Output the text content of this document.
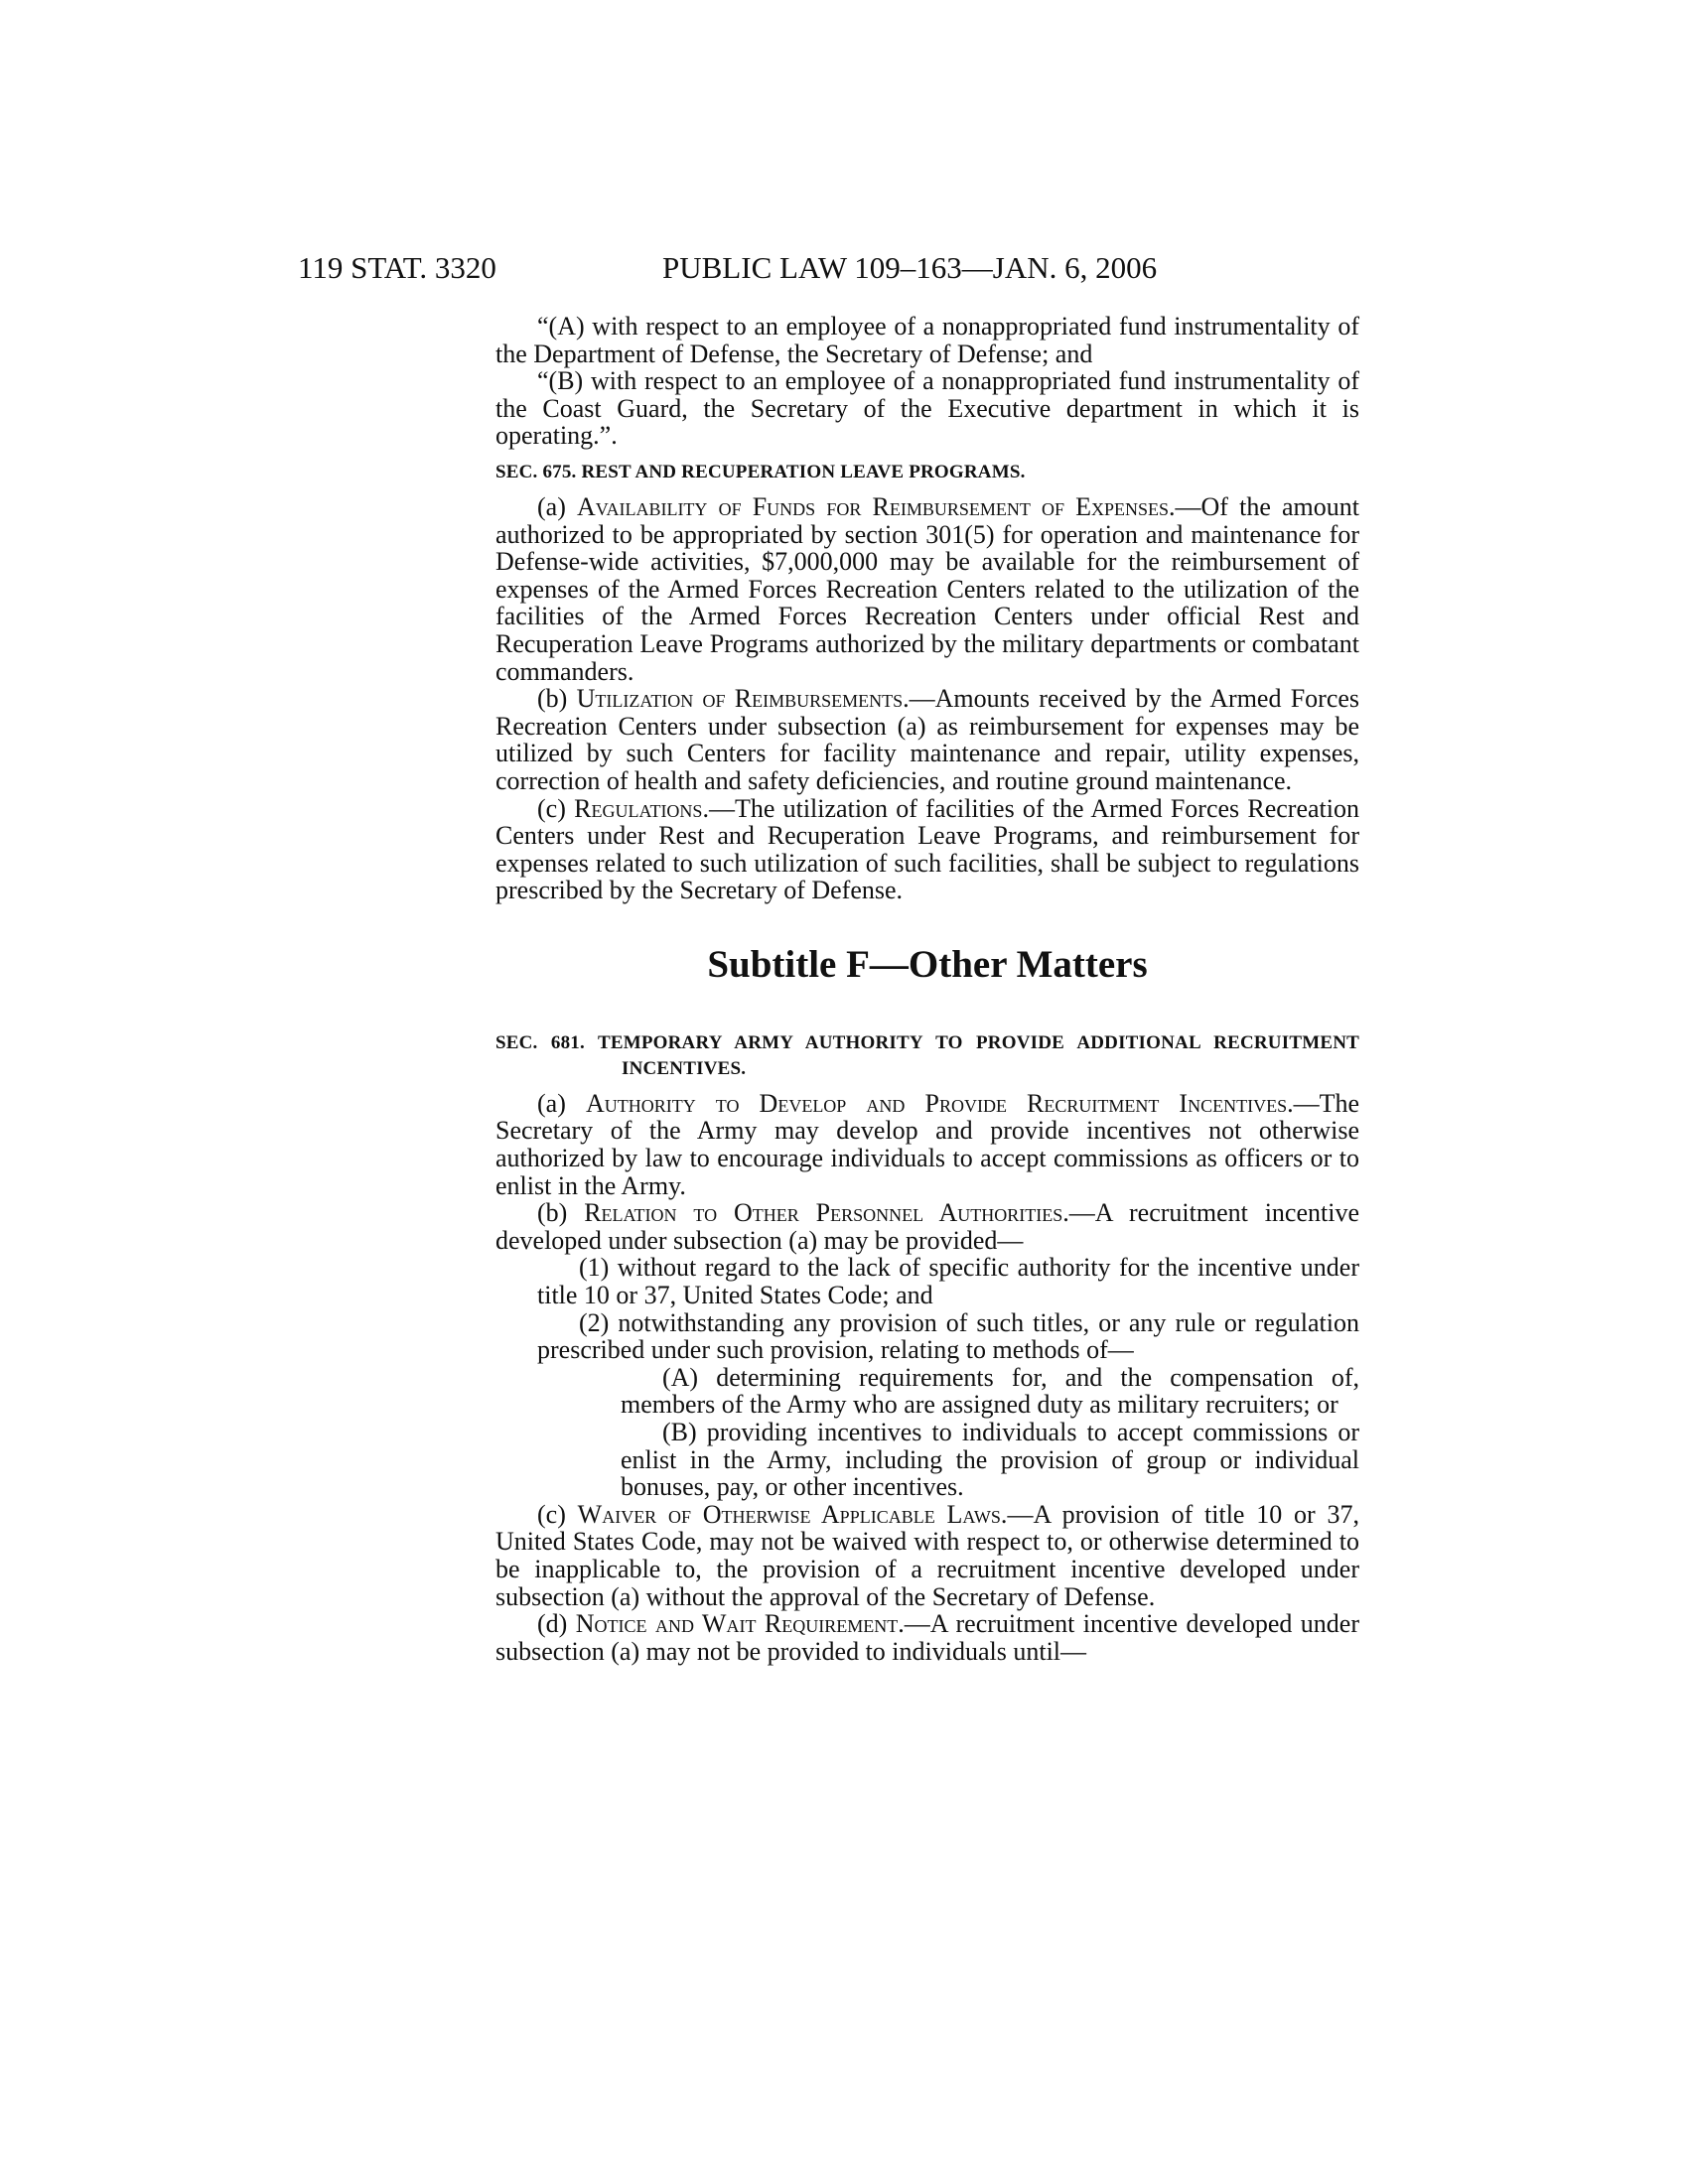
119 STAT. 3320	PUBLIC LAW 109–163—JAN. 6, 2006

“(A) with respect to an employee of a nonappropriated fund instrumentality of the Department of Defense, the Secretary of Defense; and

“(B) with respect to an employee of a nonappropriated fund instrumentality of the Coast Guard, the Secretary of the Executive department in which it is operating.”.

SEC. 675. REST AND RECUPERATION LEAVE PROGRAMS.

(a) Availability of Funds for Reimbursement of Expenses.—Of the amount authorized to be appropriated by section 301(5) for operation and maintenance for Defense-wide activities, $7,000,000 may be available for the reimbursement of expenses of the Armed Forces Recreation Centers related to the utilization of the facilities of the Armed Forces Recreation Centers under official Rest and Recuperation Leave Programs authorized by the military departments or combatant commanders.

(b) Utilization of Reimbursements.—Amounts received by the Armed Forces Recreation Centers under subsection (a) as reimbursement for expenses may be utilized by such Centers for facility maintenance and repair, utility expenses, correction of health and safety deficiencies, and routine ground maintenance.

(c) Regulations.—The utilization of facilities of the Armed Forces Recreation Centers under Rest and Recuperation Leave Programs, and reimbursement for expenses related to such utilization of such facilities, shall be subject to regulations prescribed by the Secretary of Defense.

Subtitle F—Other Matters
SEC. 681. TEMPORARY ARMY AUTHORITY TO PROVIDE ADDITIONAL RECRUITMENT INCENTIVES.

(a) Authority to Develop and Provide Recruitment Incentives.—The Secretary of the Army may develop and provide incentives not otherwise authorized by law to encourage individuals to accept commissions as officers or to enlist in the Army.

(b) Relation to Other Personnel Authorities.—A recruitment incentive developed under subsection (a) may be provided—

(1) without regard to the lack of specific authority for the incentive under title 10 or 37, United States Code; and

(2) notwithstanding any provision of such titles, or any rule or regulation prescribed under such provision, relating to methods of—

(A) determining requirements for, and the compensation of, members of the Army who are assigned duty as military recruiters; or

(B) providing incentives to individuals to accept commissions or enlist in the Army, including the provision of group or individual bonuses, pay, or other incentives.

(c) Waiver of Otherwise Applicable Laws.—A provision of title 10 or 37, United States Code, may not be waived with respect to, or otherwise determined to be inapplicable to, the provision of a recruitment incentive developed under subsection (a) without the approval of the Secretary of Defense.

(d) Notice and Wait Requirement.—A recruitment incentive developed under subsection (a) may not be provided to individuals until—
